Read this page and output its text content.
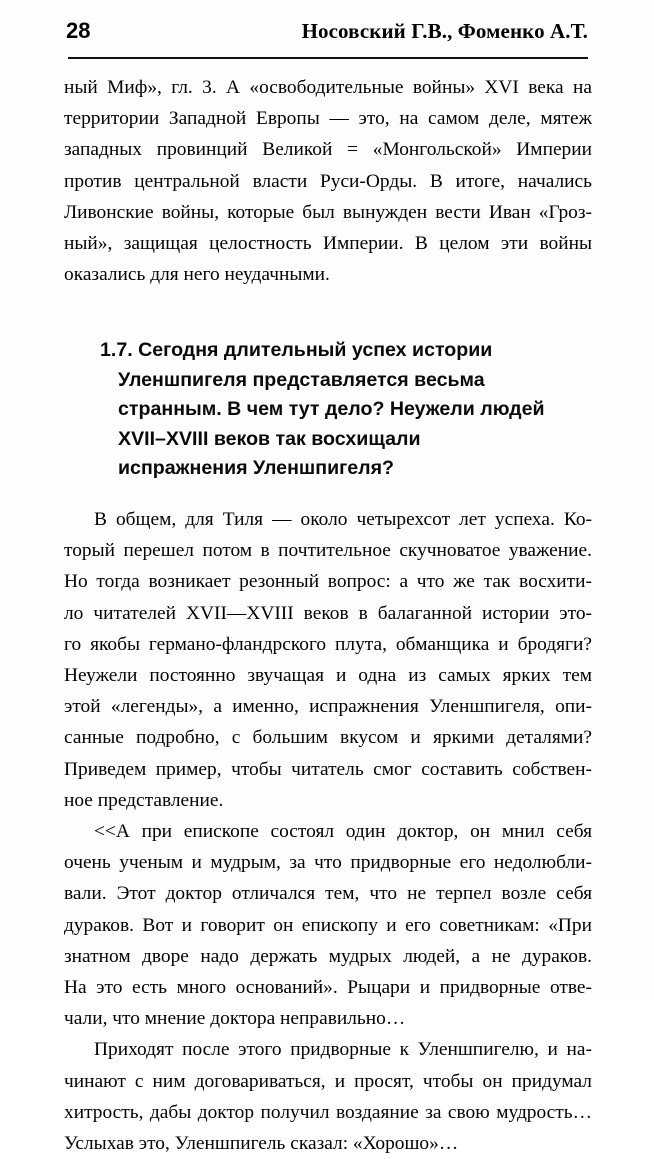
28	Носовский Г.В., Фоменко А.Т.
ный Миф», гл. 3. А «освободительные войны» XVI века на
территории Западной Европы — это, на самом деле, мятеж
западных провинций Великой = «Монгольской» Империи
против центральной власти Руси-Орды. В итоге, начались
Ливонские войны, которые был вынужден вести Иван «Гроз-
ный», защищая целостность Империи. В целом эти войны
оказались для него неудачными.
1.7. Сегодня длительный успех истории
Уленшпигеля представляется весьма
странным. В чем тут дело? Неужели людей
XVII–XVIII веков так восхищали
испражнения Уленшпигеля?
В общем, для Тиля — около четырехсот лет успеха. Ко-
торый перешел потом в почтительное скучноватое уважение.
Но тогда возникает резонный вопрос: а что же так восхити-
ло читателей XVII—XVIII веков в балаганной истории это-
го якобы германо-фландрского плута, обманщика и бродяги?
Неужели постоянно звучащая и одна из самых ярких тем
этой «легенды», а именно, испражнения Уленшпигеля, опи-
санные подробно, с большим вкусом и яркими деталями?
Приведем пример, чтобы читатель смог составить собствен-
ное представление.
<<А при епископе состоял один доктор, он мнил себя
очень ученым и мудрым, за что придворные его недолюбли-
вали. Этот доктор отличался тем, что не терпел возле себя
дураков. Вот и говорит он епископу и его советникам: «При
знатном дворе надо держать мудрых людей, а не дураков.
На это есть много оснований». Рыцари и придворные отве-
чали, что мнение доктора неправильно…
Приходят после этого придворные к Уленшпигелю, и на-
чинают с ним договариваться, и просят, чтобы он придумал
хитрость, дабы доктор получил воздаяние за свою мудрость…
Услыхав это, Уленшпигель сказал: «Хорошо»…
